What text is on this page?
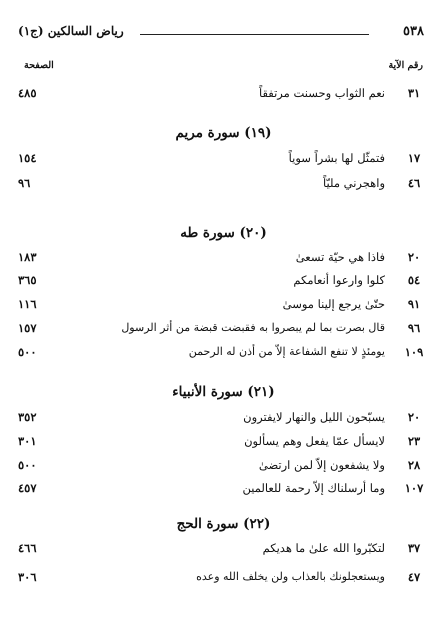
٥٣٨
رياض السالكين (ج١)
رقم الآية
الصفحة
٣١
نعم الثواب وحسنت مرتفقاً
٤٨٥
(١٩) سورة مريم
١٧
فتمثّل لها بشراً سوياً
١٥٤
٤٦
واهجرني مليّاً
٩٦
(٢٠) سورة طه
٢٠
فاذا هي حيّة تسعىٰ
١٨٣
٥٤
كلوا وارعوا أنعامكم
٣٦٥
٩١
حتّىٰ يرجع إلينا موسىٰ
١١٦
٩٦
قال بصرت بما لم يبصروا به فقبضت قبضة من أثر الرسول
١٥٧
١٠٩
يومئذٍ لا تنفع الشفاعة إلاّ من أذن له الرحمن
٥٠٠
(٢١) سورة الأنبياء
٢٠
يسبّحون الليل والنهار لايفترون
٣٥٢
٢٣
لايسأل عمّا يفعل وهم يسألون
٣٠١
٢٨
ولا يشفعون إلاّ لمن ارتضىٰ
٥٠٠
١٠٧
وما أرسلناك إلاّ رحمة للعالمين
٤٥٧
(٢٢) سورة الحج
٣٧
لتكبّروا الله علىٰ ما هديكم
٤٦٦
٤٧
ويستعجلونك بالعذاب ولن يخلف الله وعده
٣٠٦
